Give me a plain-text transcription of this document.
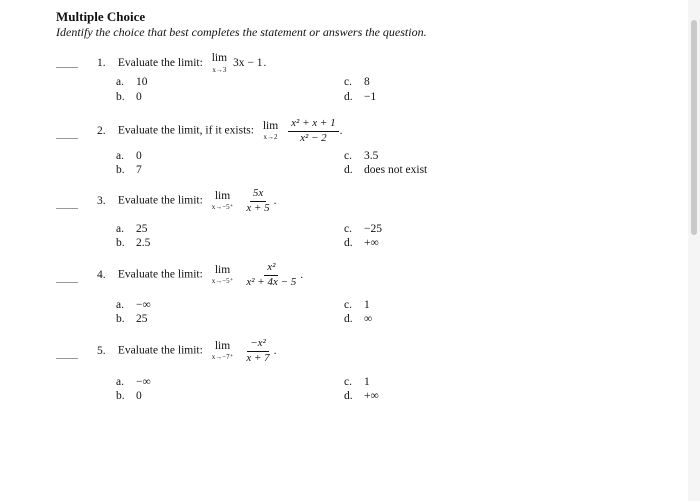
Multiple Choice
Identify the choice that best completes the statement or answers the question.
1. Evaluate the limit: lim
x→3
3x − 1 .
a. 10
b. 0
c. 8
d. −1
2. Evaluate the limit, if it exists: lim
$x\to 2 \frac{\text{x² + x + 1}}{\text{x² − 2}}$ .
a. 0
b. 7
c. 3.5
d. does not exist
3. Evaluate the limit: lim
$x\to-5^+ \frac{5x}{x + 5}$ .
a. 25
b. 2.5
c. −25
d. +∞
4. Evaluate the limit: lim
$x\to-5^+ \frac{\text{x²}}{\text{x² + 4x − 5}}$ .
a. −∞
b. 25
c. 1
d. ∞
5. Evaluate the limit: lim
$x\to-7^+ \frac{\text{−x²}}{x + 7}$ .
a. −∞
b. 0
c. 1
d. +∞
